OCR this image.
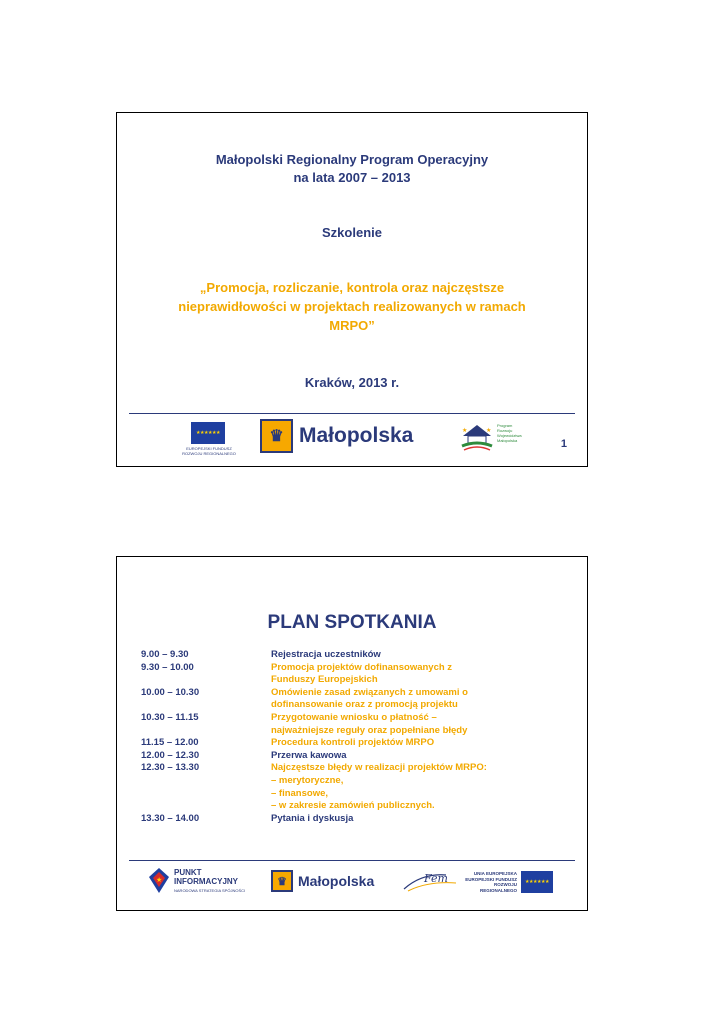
Małopolski Regionalny Program Operacyjny
na lata 2007 – 2013
Szkolenie
„Promocja, rozliczanie, kontrola oraz najczęstsze
nieprawidłowości w projektach realizowanych w ramach
MRPO”
Kraków, 2013 r.
★★★★★★
EUROPEJSKI FUNDUSZ ROZWOJU REGIONALNEGO
♛ Małopolska	★	★
Program Rozwoju Województwa Małopolska	1
PLAN SPOTKANIA
9.00 – 9.30	Rejestracja uczestników
9.30 – 10.00	Promocja projektów dofinansowanych z
Funduszy Europejskich
10.00 – 10.30	Omówienie zasad związanych z umowami o
dofinansowanie oraz z promocją projektu
10.30 – 11.15	Przygotowanie wniosku o płatność –
najważniejsze reguły oraz popełniane błędy
11.15 – 12.00	Procedura kontroli projektów MRPO
12.00 – 12.30	Przerwa kawowa
12.30 – 13.30	Najczęstsze błędy w realizacji projektów MRPO:
– merytoryczne,
– finansowe,
– w zakresie zamówień publicznych.
13.30 – 14.00	Pytania i dyskusja
★
PUNKT
INFORMACYJNY
NARODOWA STRATEGIA SPÓJNOŚCI
♛ Małopolska	Fem	UNIA EUROPEJSKA
EUROPEJSKI FUNDUSZ
ROZWOJU REGIONALNEGO
★★★★★★
